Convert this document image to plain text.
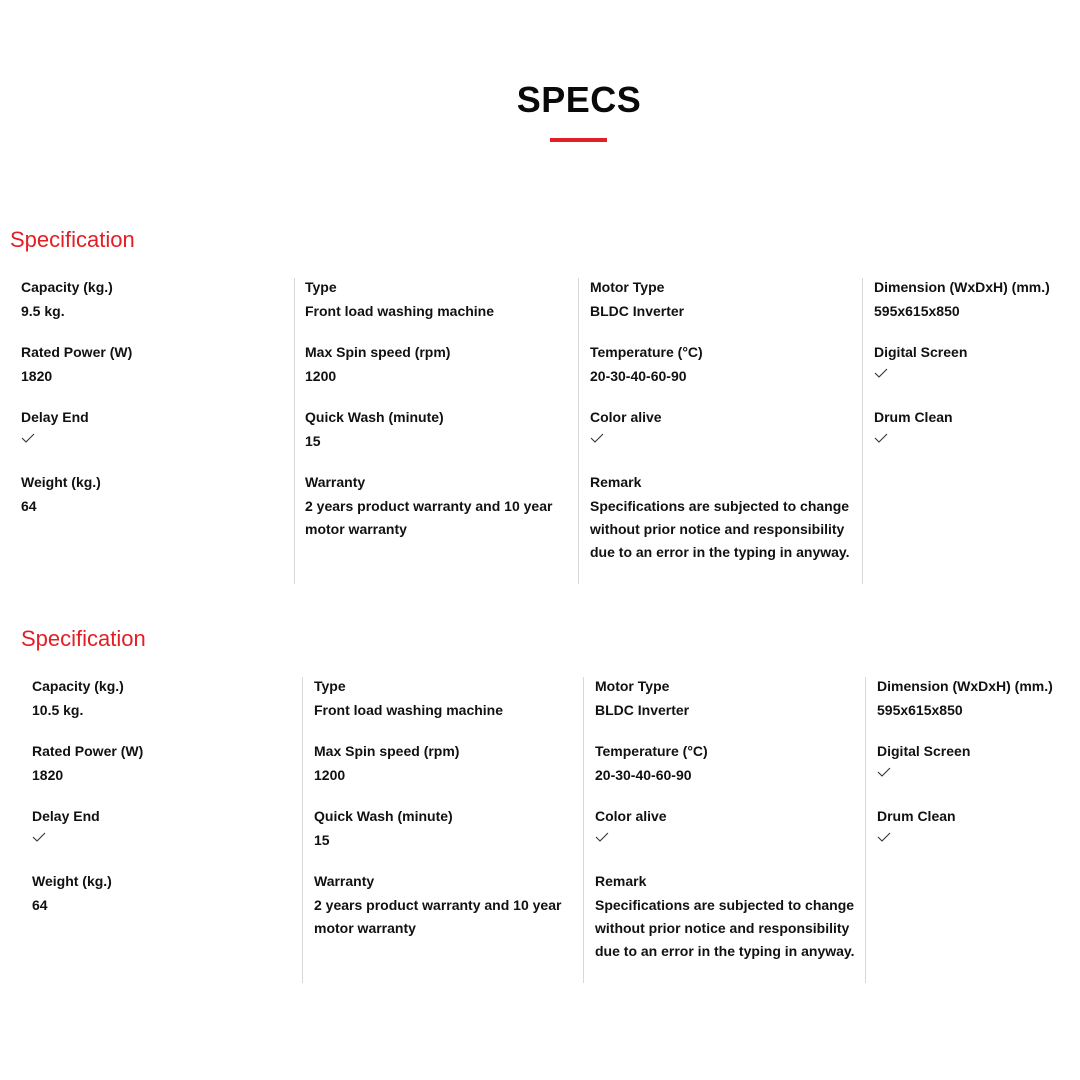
SPECS
Specification
Capacity (kg.)
9.5 kg.
Rated Power (W)
1820
Delay End
Weight (kg.)
64
Type
Front load washing machine
Max Spin speed (rpm)
1200
Quick Wash (minute)
15
Warranty
2 years product warranty and 10 year motor warranty
Motor Type
BLDC Inverter
Temperature (°C)
20-30-40-60-90
Color alive
Remark
Specifications are subjected to change without prior notice and responsibility due to an error in the typing in anyway.
Dimension (WxDxH) (mm.)
595x615x850
Digital Screen
Drum Clean
Specification
Capacity (kg.)
10.5 kg.
Rated Power (W)
1820
Delay End
Weight (kg.)
64
Type
Front load washing machine
Max Spin speed (rpm)
1200
Quick Wash (minute)
15
Warranty
2 years product warranty and 10 year motor warranty
Motor Type
BLDC Inverter
Temperature (°C)
20-30-40-60-90
Color alive
Remark
Specifications are subjected to change without prior notice and responsibility due to an error in the typing in anyway.
Dimension (WxDxH) (mm.)
595x615x850
Digital Screen
Drum Clean
